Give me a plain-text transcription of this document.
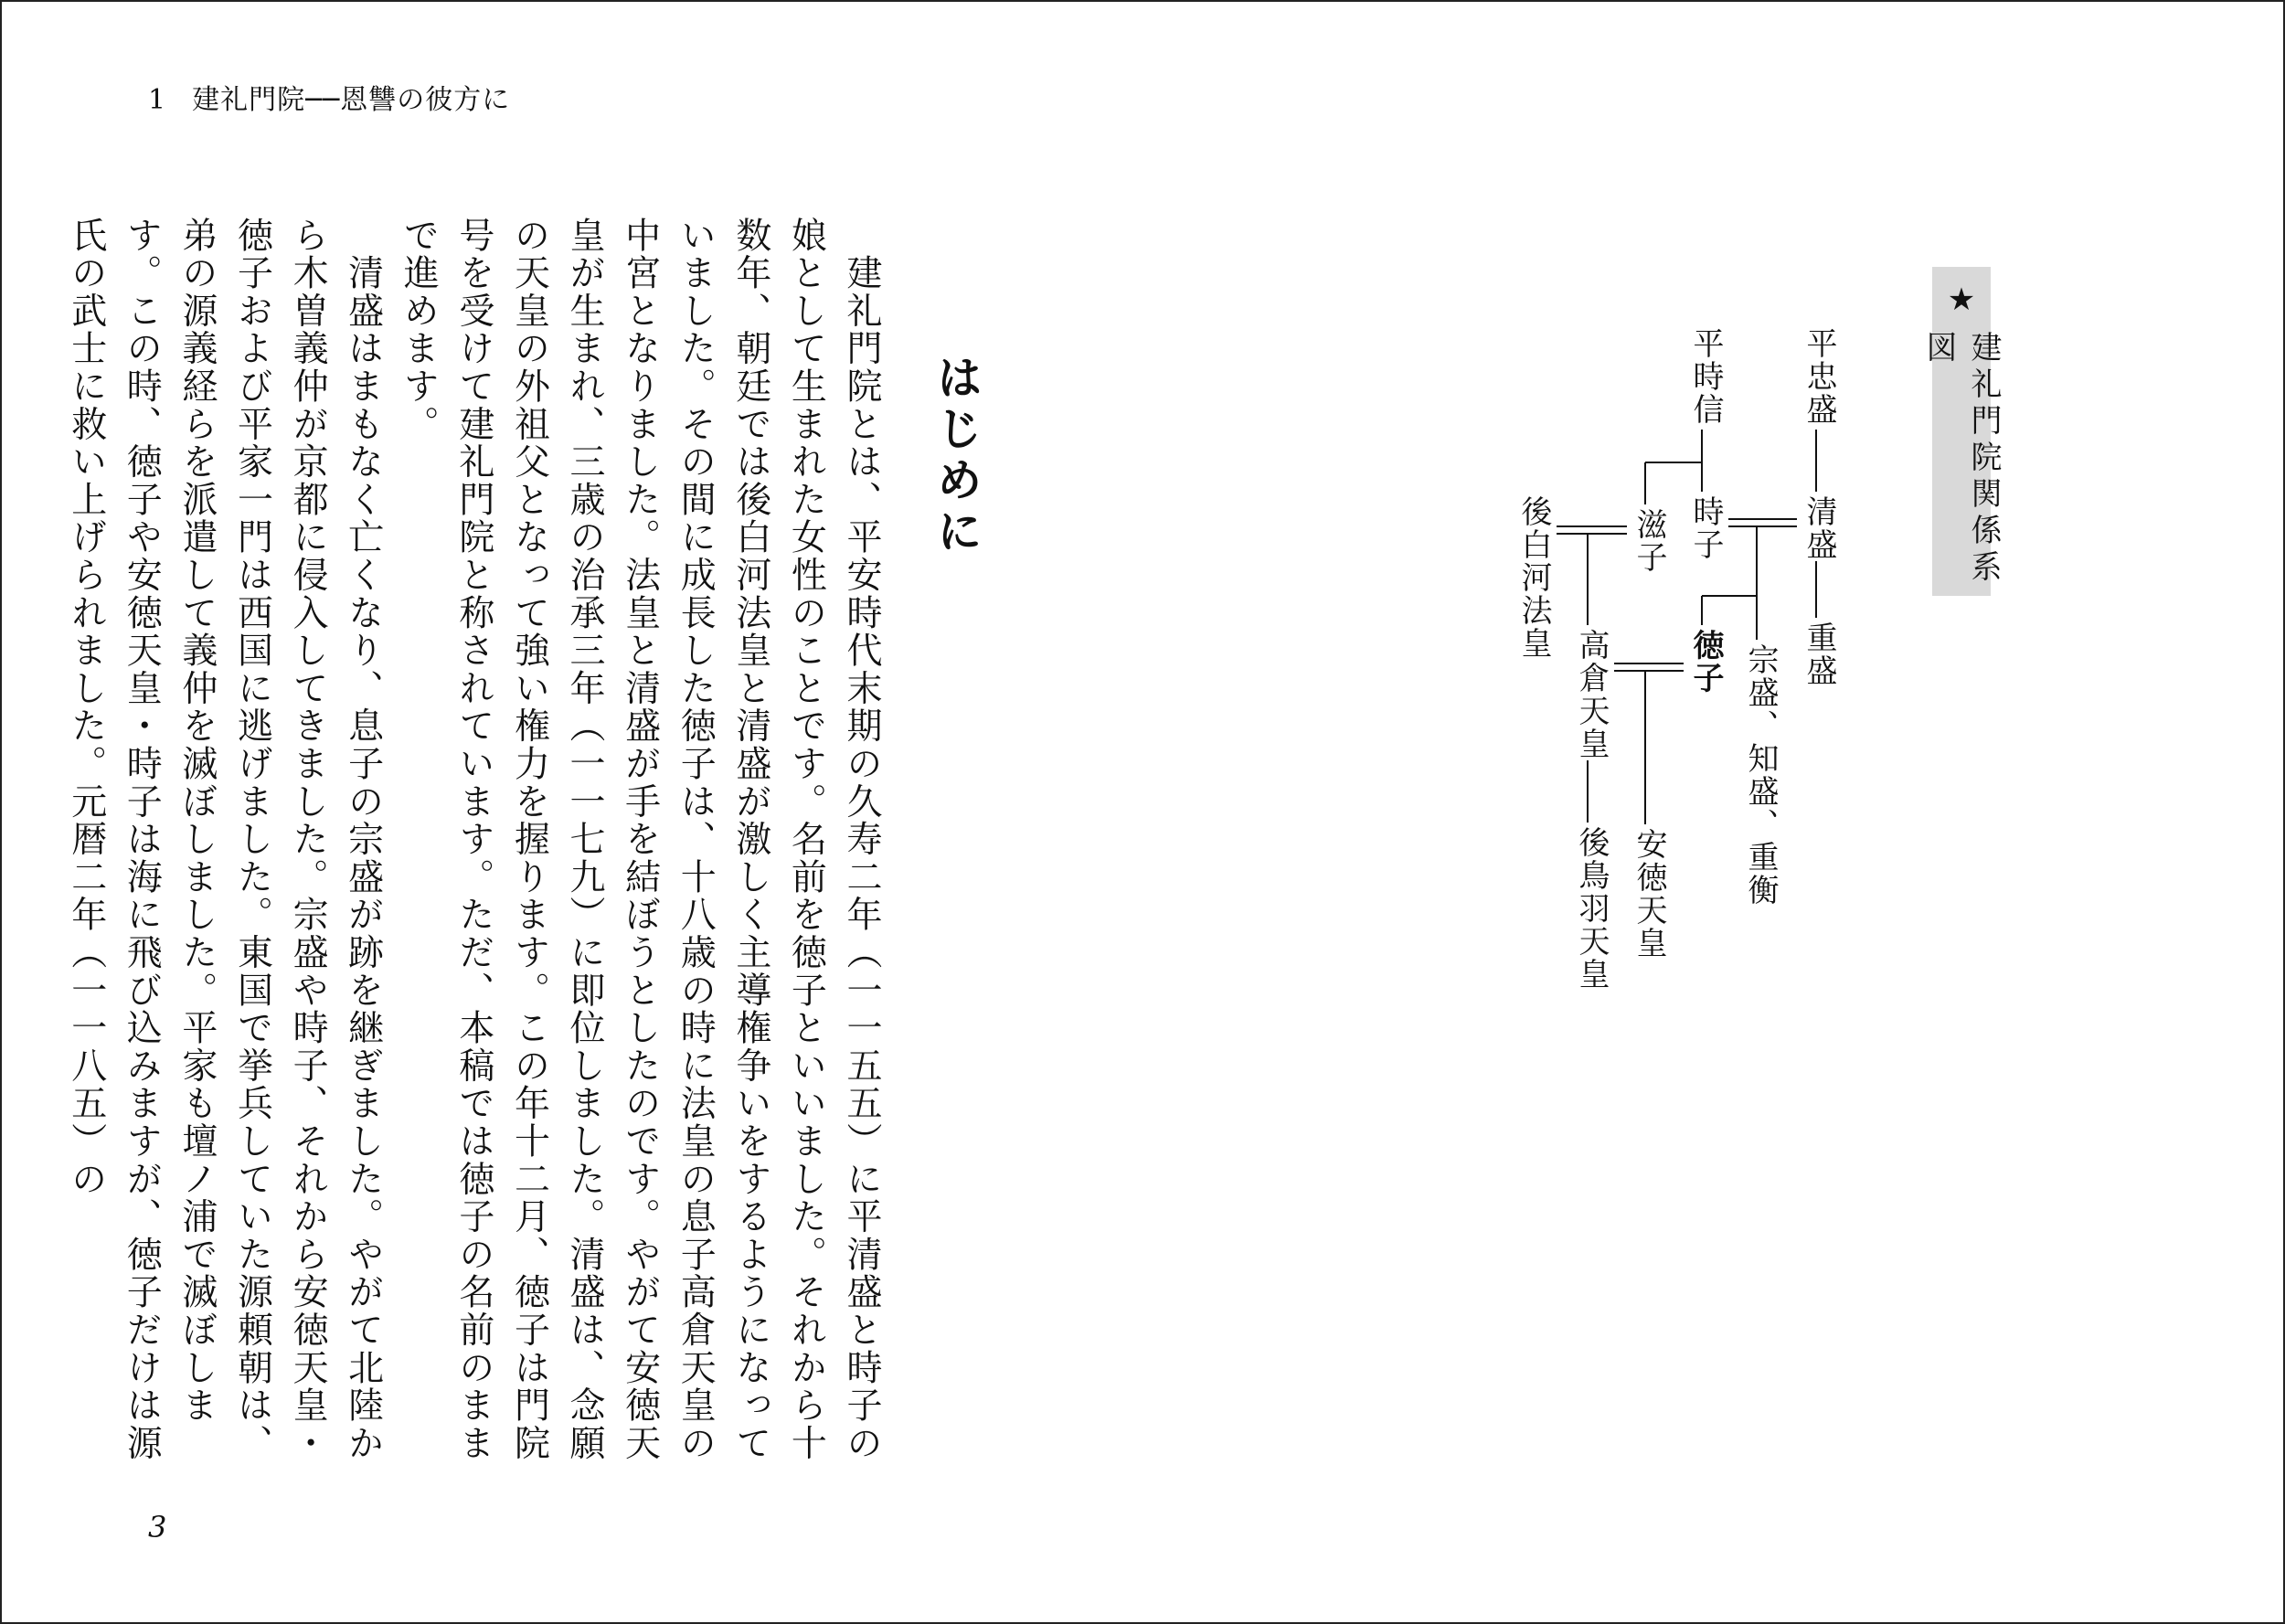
1 建礼門院──恩讐の彼方に
はじめに
　建礼門院とは、平安時代末期の久寿二年（一一五五）に平清盛と時子の娘として生まれた女性のことです。名前を徳子といいました。それから十数年、朝廷では後白河法皇と清盛が激しく主導権争いをするようになっていました。その間に成長した徳子は、十八歳の時に法皇の息子高倉天皇の中宮となりました。法皇と清盛が手を結ぼうとしたのです。やがて安徳天皇が生まれ、三歳の治承三年（一一七九）に即位しました。清盛は、念願の天皇の外祖父となって強い権力を握ります。この年十二月、徳子は門院号を受けて建礼門院と称されています。ただ、本稿では徳子の名前のままで進めます。
　清盛はまもなく亡くなり、息子の宗盛が跡を継ぎました。やがて北陸から木曽義仲が京都に侵入してきました。宗盛や時子、それから安徳天皇・徳子および平家一門は西国に逃げました。東国で挙兵していた源頼朝は、弟の源義経らを派遣して義仲を滅ぼしました。平家も壇ノ浦で滅ぼします。この時、徳子や安徳天皇・時子は海に飛び込みますが、徳子だけは源氏の武士に救い上げられました。元暦二年（一一八五）の
3
★
建礼門院関係系図
平忠盛
清盛
重盛
宗盛、知盛、重衡
平時信
時子
滋子
後白河法皇
徳子
高倉天皇
安徳天皇
後鳥羽天皇
